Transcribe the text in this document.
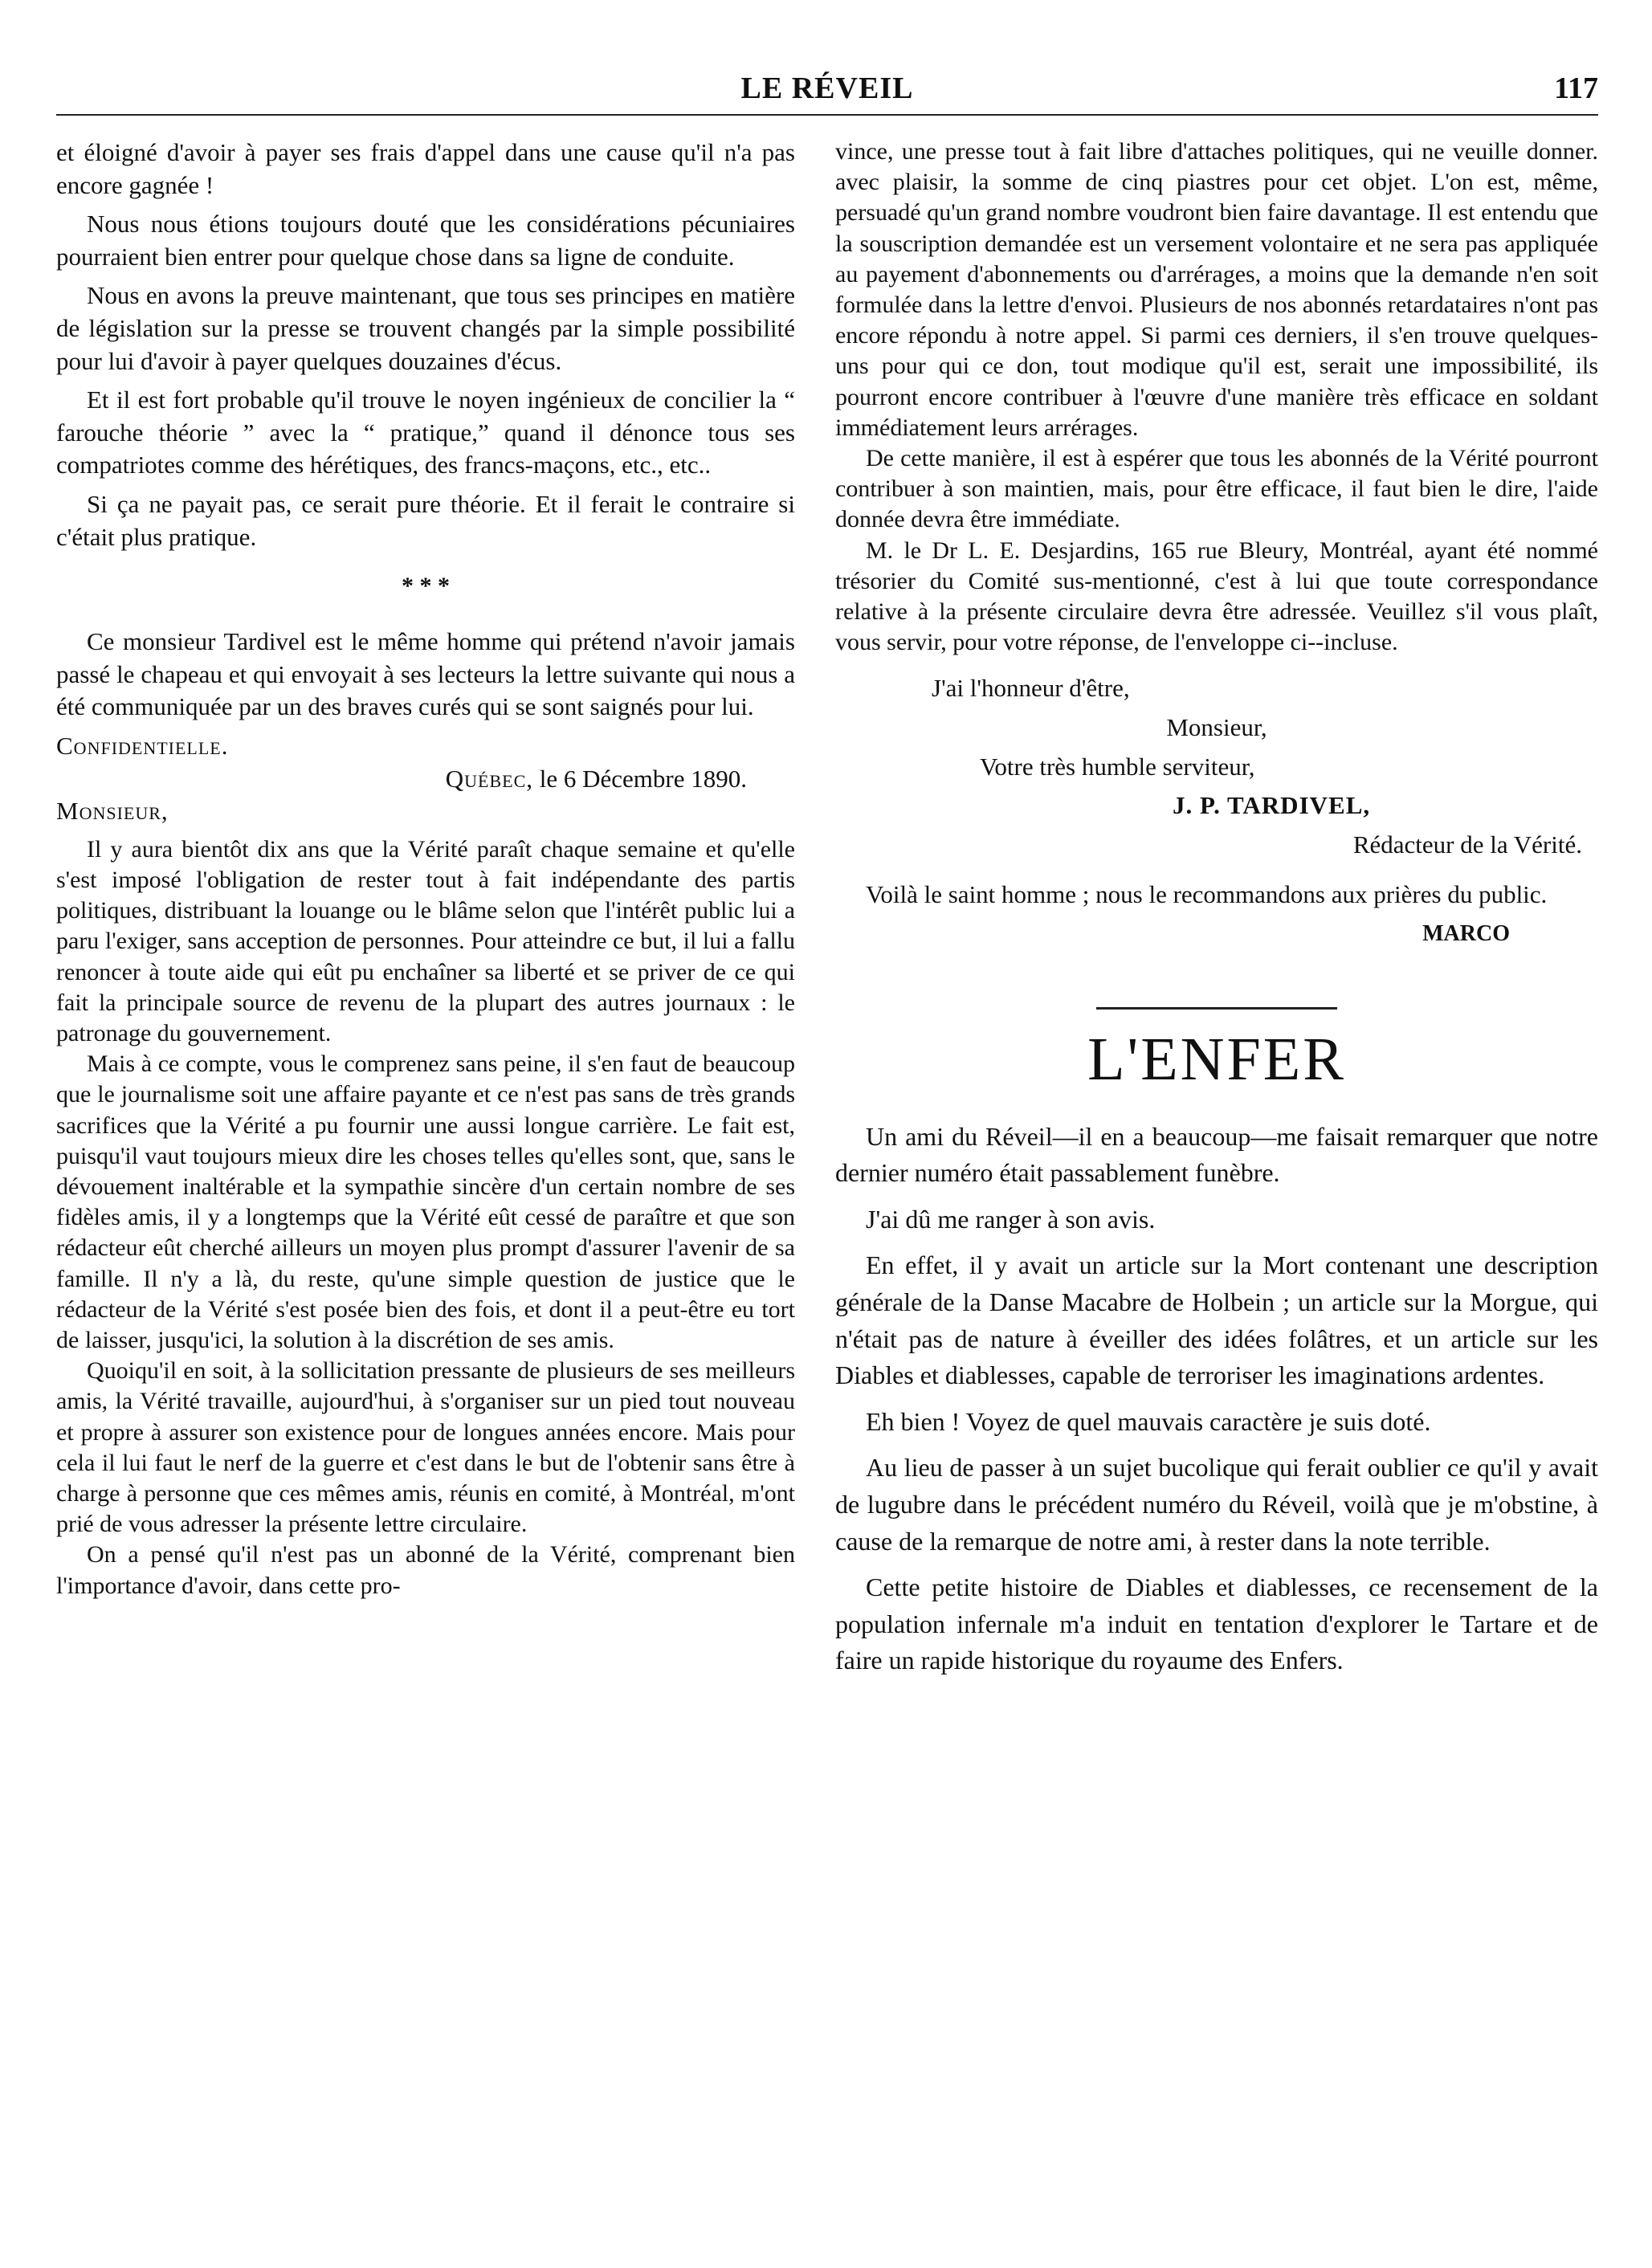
LE RÉVEIL	117

et éloigné d'avoir à payer ses frais d'appel dans une cause qu'il n'a pas encore gagnée !

Nous nous étions toujours douté que les considérations pécuniaires pourraient bien entrer pour quelque chose dans sa ligne de conduite.

Nous en avons la preuve maintenant, que tous ses principes en matière de législation sur la presse se trouvent changés par la simple possibilité pour lui d'avoir à payer quelques douzaines d'écus.

Et il est fort probable qu'il trouve le noyen ingénieux de concilier la “ farouche théorie ” avec la “ pratique,” quand il dénonce tous ses compatriotes comme des hérétiques, des francs-maçons, etc., etc..

Si ça ne payait pas, ce serait pure théorie. Et il ferait le contraire si c'était plus pratique.

* * *

Ce monsieur Tardivel est le même homme qui prétend n'avoir jamais passé le chapeau et qui envoyait à ses lecteurs la lettre suivante qui nous a été communiquée par un des braves curés qui se sont saignés pour lui.

Confidentielle.

Québec, le 6 Décembre 1890.

Monsieur,

Il y aura bientôt dix ans que la Vérité paraît chaque semaine et qu'elle s'est imposé l'obligation de rester tout à fait indépendante des partis politiques, distribuant la louange ou le blâme selon que l'intérêt public lui a paru l'exiger, sans acception de personnes. Pour atteindre ce but, il lui a fallu renoncer à toute aide qui eût pu enchaîner sa liberté et se priver de ce qui fait la principale source de revenu de la plupart des autres journaux : le patronage du gouvernement.

Mais à ce compte, vous le comprenez sans peine, il s'en faut de beaucoup que le journalisme soit une affaire payante et ce n'est pas sans de très grands sacrifices que la Vérité a pu fournir une aussi longue carrière. Le fait est, puisqu'il vaut toujours mieux dire les choses telles qu'elles sont, que, sans le dévouement inaltérable et la sympathie sincère d'un certain nombre de ses fidèles amis, il y a longtemps que la Vérité eût cessé de paraître et que son rédacteur eût cherché ailleurs un moyen plus prompt d'assurer l'avenir de sa famille. Il n'y a là, du reste, qu'une simple question de justice que le rédacteur de la Vérité s'est posée bien des fois, et dont il a peut-être eu tort de laisser, jusqu'ici, la solution à la discrétion de ses amis.

Quoiqu'il en soit, à la sollicitation pressante de plusieurs de ses meilleurs amis, la Vérité travaille, aujourd'hui, à s'organiser sur un pied tout nouveau et propre à assurer son existence pour de longues années encore. Mais pour cela il lui faut le nerf de la guerre et c'est dans le but de l'obtenir sans être à charge à personne que ces mêmes amis, réunis en comité, à Montréal, m'ont prié de vous adresser la présente lettre circulaire.

On a pensé qu'il n'est pas un abonné de la Vérité, comprenant bien l'importance d'avoir, dans cette pro-

vince, une presse tout à fait libre d'attaches politiques, qui ne veuille donner. avec plaisir, la somme de cinq piastres pour cet objet. L'on est, même, persuadé qu'un grand nombre voudront bien faire davantage. Il est entendu que la souscription demandée est un versement volontaire et ne sera pas appliquée au payement d'abonnements ou d'arrérages, a moins que la demande n'en soit formulée dans la lettre d'envoi. Plusieurs de nos abonnés retardataires n'ont pas encore répondu à notre appel. Si parmi ces derniers, il s'en trouve quelques-uns pour qui ce don, tout modique qu'il est, serait une impossibilité, ils pourront encore contribuer à l'œuvre d'une manière très efficace en soldant immédiatement leurs arrérages.

De cette manière, il est à espérer que tous les abonnés de la Vérité pourront contribuer à son maintien, mais, pour être efficace, il faut bien le dire, l'aide donnée devra être immédiate.

M. le Dr L. E. Desjardins, 165 rue Bleury, Montréal, ayant été nommé trésorier du Comité sus-mentionné, c'est à lui que toute correspondance relative à la présente circulaire devra être adressée. Veuillez s'il vous plaît, vous servir, pour votre réponse, de l'enveloppe ci--incluse.

J'ai l'honneur d'être,

Monsieur,

Votre très humble serviteur,

J. P. TARDIVEL,

Rédacteur de la Vérité.

Voilà le saint homme ; nous le recommandons aux prières du public.

MARCO
L'ENFER

Un ami du Réveil—il en a beaucoup—me faisait remarquer que notre dernier numéro était passablement funèbre.

J'ai dû me ranger à son avis.

En effet, il y avait un article sur la Mort contenant une description générale de la Danse Macabre de Holbein ; un article sur la Morgue, qui n'était pas de nature à éveiller des idées folâtres, et un article sur les Diables et diablesses, capable de terroriser les imaginations ardentes.

Eh bien ! Voyez de quel mauvais caractère je suis doté.

Au lieu de passer à un sujet bucolique qui ferait oublier ce qu'il y avait de lugubre dans le précédent numéro du Réveil, voilà que je m'obstine, à cause de la remarque de notre ami, à rester dans la note terrible.

Cette petite histoire de Diables et diablesses, ce recensement de la population infernale m'a induit en tentation d'explorer le Tartare et de faire un rapide historique du royaume des Enfers.
